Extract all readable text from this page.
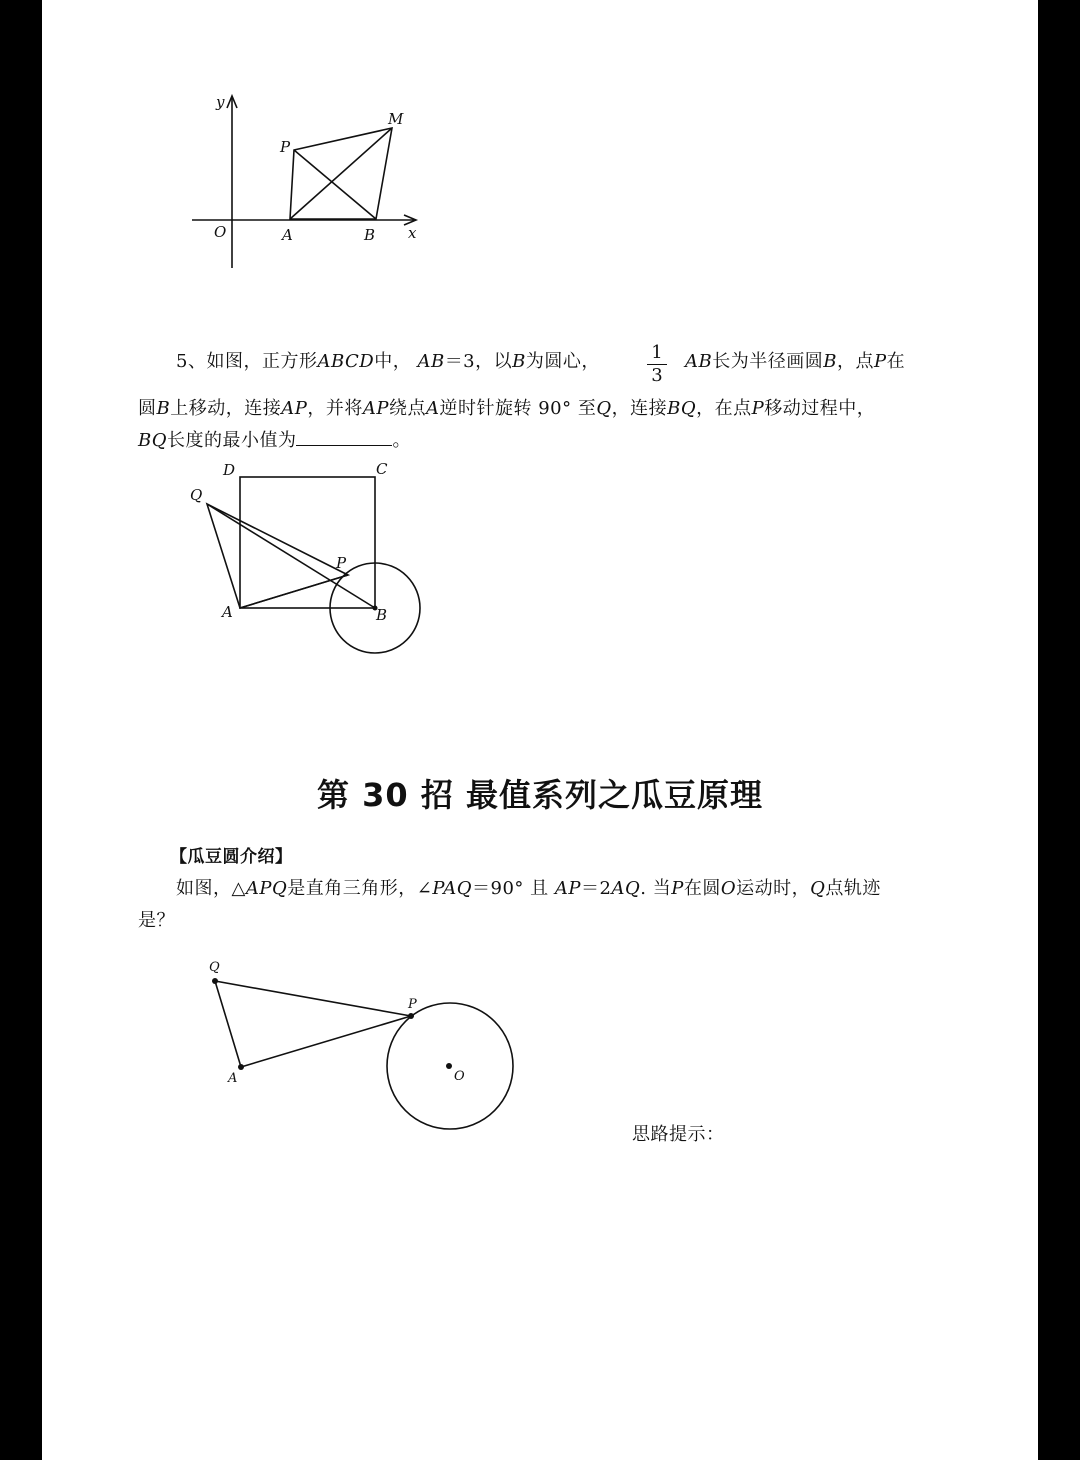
y
x
O	A	B
P
M
D	C
Q
P
A	B
Q
P
A	O
5、如图，正方形ABCD中， AB＝3，以B为圆心，	1
3
AB长为半径画圆B，点P在
圆B上移动，连接AP，并将AP绕点A逆时针旋转 90° 至Q，连接BQ，在点P移动过程中，
BQ长度的最小值为	。
第 30 招 最值系列之瓜豆原理
【瓜豆圆介绍】
如图，△APQ是直角三角形，∠PAQ＝90° 且 AP＝2AQ. 当P在圆O运动时，Q点轨迹
是？
思路提示：
